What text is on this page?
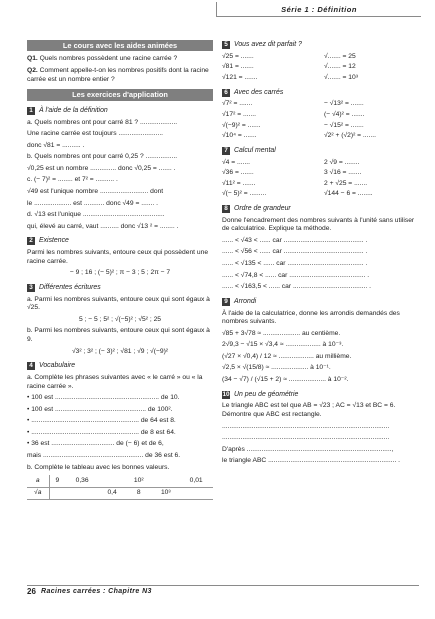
Série 1 : Définition
Le cours avec les aides animées
Q1. Quels nombres possèdent une racine carrée ?
Q2. Comment appelle-t-on les nombres positifs dont la racine carrée est un nombre entier ?
Les exercices d'application
1 À l'aide de la définition
a. Quels nombres ont pour carré 81 ? ....................
Une racine carrée est toujours ........................
donc √81 = .......... .
b. Quels nombres ont pour carré 0,25 ? .................
√0,25 est un nombre .............. donc √0,25 = ....... .
c. (− 7)² = ........ et 7² = .......... .
√49 est l'unique nombre .......................... dont
le .................... est ........... donc √49 = ....... .
d. √13 est l'unique ............................................
qui, élevé au carré, vaut .......... donc √13 ² = ........ .
2 Existence
Parmi les nombres suivants, entoure ceux qui possèdent une racine carrée.
− 9 ; 16 ; (− 5)² ; π − 3 ; 5 ; 2π − 7
3 Différentes écritures
a. Parmi les nombres suivants, entoure ceux qui sont égaux à √25.
5 ; − 5 ; 5² ; √(−5)² ; √5² ; 25
b. Parmi les nombres suivants, entoure ceux qui sont égaux à 9.
√3² ; 3² ; (− 3)² ; √81 ; √9 ; √(−9)²
4 Vocabulaire
a. Complète les phrases suivantes avec « le carré » ou « la racine carrée ».
• 100 est ........................................................ de 10.
• 100 est ................................................. de 100².
• .......................................................... de 64 est 8.
• .......................................................... de 8 est 64.
• 36 est .................................. de (− 6) et de 6,
mais ...................................................... de 36 est 6.
b. Complète le tableau avec les bonnes valeurs.
a	9	0,36		10²		0,01
√a			0,4	8	10³	
5 Vous avez dit parfait ?
√25 = .......	√....... = 25
√81 = .......	√....... = 12
√121 = .......	√....... = 10³
6 Avec des carrés
√7² = .......	− √13² = .......
√17² = .......	(− √4)² = .......
√(−9)² = .......	− √15² = .......
√10⁴ = .......	√2² + (√2)² = .......
7 Calcul mental
√4 = .......	2 √9 = ........
√36 = .......	3 √16 = .......
√11² = .......	2 + √25 = .......
√(− 5)² = .........	√144 − 6 = ........
8 Ordre de grandeur
Donne l'encadrement des nombres suivants à l'unité sans utiliser de calculatrice. Explique ta méthode.
...... < √43 < ...... car ........................................... .
...... < √56 < ...... car ........................................... .
...... < √135 < ...... car ......................................... .
...... < √74,8 < ...... car ......................................... .
...... < √163,5 < ...... car ........................................ .
9 Arrondi
À l'aide de la calculatrice, donne les arrondis demandés des nombres suivants.
√85 + 3√78 ≈ .................... au centième.
2√9,3 − √15 × √3,4 ≈ ................... à 10⁻³.
(√27 × √0,4) / 12 ≈ ................... au millième.
√2,5 × √(15/8) ≈ .................... à 10⁻¹.
(34 − √7) / (√15 + 2) ≈ .................... à 10⁻².
10 Un peu de géométrie
Le triangle ABC est tel que AB = √23 ; AC = √13 et BC = 6. Démontre que ABC est rectangle.
..........................................................................................
..........................................................................................
D'après ..............................................................................,
le triangle ABC ..................................................................... .
26 Racines carrées : Chapitre N3
